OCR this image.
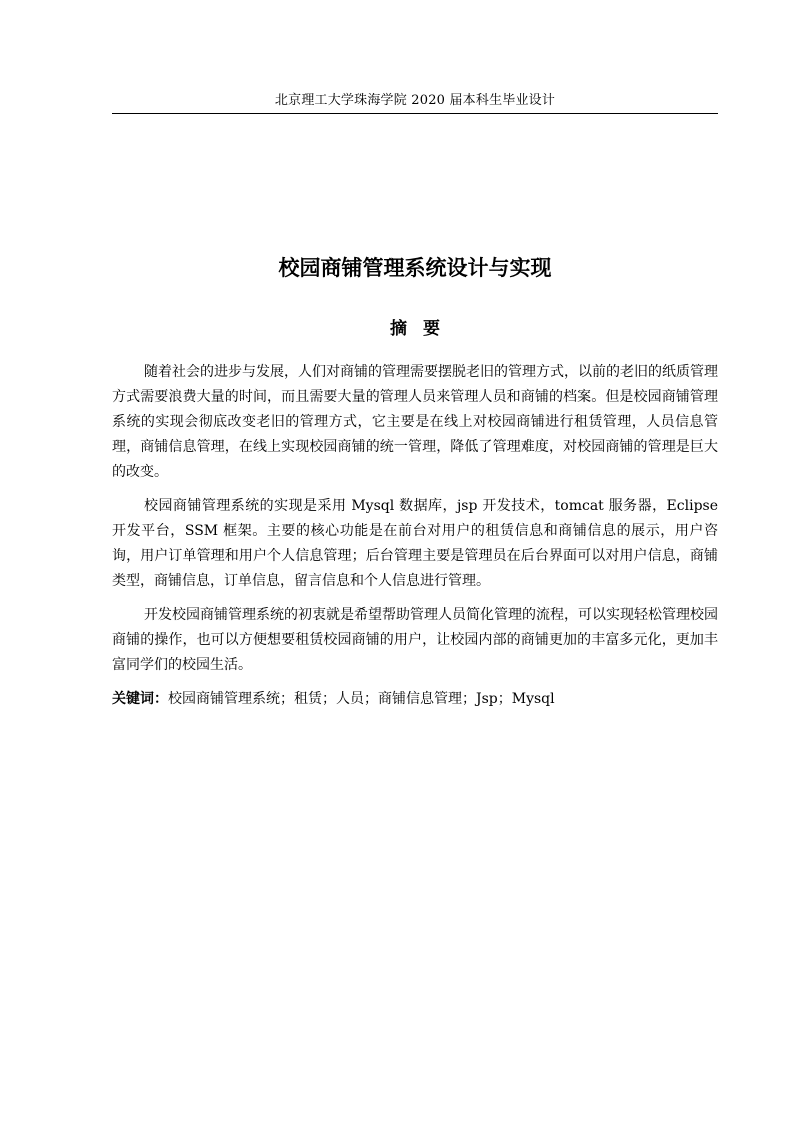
北京理工大学珠海学院 2020 届本科生毕业设计
校园商铺管理系统设计与实现
摘要

随着社会的进步与发展，人们对商铺的管理需要摆脱老旧的管理方式，以前的老旧的纸质管理方式需要浪费大量的时间，而且需要大量的管理人员来管理人员和商铺的档案。但是校园商铺管理系统的实现会彻底改变老旧的管理方式，它主要是在线上对校园商铺进行租赁管理，人员信息管理，商铺信息管理，在线上实现校园商铺的统一管理，降低了管理难度，对校园商铺的管理是巨大的改变。

校园商铺管理系统的实现是采用 Mysql 数据库，jsp 开发技术，tomcat 服务器，Eclipse 开发平台，SSM 框架。主要的核心功能是在前台对用户的租赁信息和商铺信息的展示，用户咨询，用户订单管理和用户个人信息管理；后台管理主要是管理员在后台界面可以对用户信息，商铺类型，商铺信息，订单信息，留言信息和个人信息进行管理。

开发校园商铺管理系统的初衷就是希望帮助管理人员简化管理的流程，可以实现轻松管理校园商铺的操作，也可以方便想要租赁校园商铺的用户，让校园内部的商铺更加的丰富多元化，更加丰富同学们的校园生活。

关键词：校园商铺管理系统；租赁；人员；商铺信息管理；Jsp；Mysql
